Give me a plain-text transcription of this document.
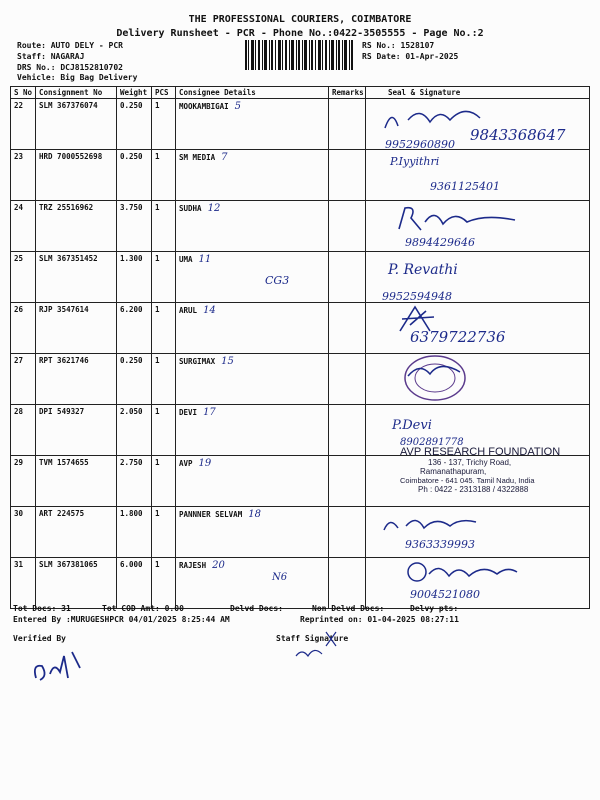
THE PROFESSIONAL COURIERS, COIMBATORE
Delivery Runsheet - PCR - Phone No.:0422-3505555 - Page No.:2
Route: AUTO DELY - PCR
Staff: NAGARAJ
DRS No.: DCJ8152810702
Vehicle: Big Bag Delivery
RS No.: 1528107
RS Date: 01-Apr-2025
S No	Consignment No	Weight	PCS	Consignee Details	Remarks	Seal & Signature
22	SLM 367376074	0.250	1	MOOKAMBIGAI 5		
23	HRD 7000552698	0.250	1	SM MEDIA 7		
24	TRZ 25516962	3.750	1	SUDHA 12		
25	SLM 367351452	1.300	1	UMA 11		
26	RJP 3547614	6.200	1	ARUL 14		
27	RPT 3621746	0.250	1	SURGIMAX 15		
28	DPI 549327	2.050	1	DEVI 17		
29	TVM 1574655	2.750	1	AVP 19		
30	ART 224575	1.800	1	PANNNER SELVAM 18		
31	SLM 367381065	6.000	1	RAJESH 20		
CG3
N6
9843368647
9952960890
P.Iyyithri
9361125401
9894429646
P. Revathi
9952594948
6379722736
P.Devi
8902891778
AVP RESEARCH FOUNDATION
136 - 137, Trichy Road,
Ramanathapuram,
Coimbatore - 641 045. Tamil Nadu, India
Ph : 0422 - 2313188 / 4322888
9363339993
9004521080
Tot Docs: 31	Tot COD Amt: 0.00	Delvd Docs:	Non Delvd Docs:	Delvy pts:
Entered By :MURUGESHPCR 04/01/2025 8:25:44 AM	Reprinted on: 01-04-2025 08:27:11
Verified By	Staff Signature
